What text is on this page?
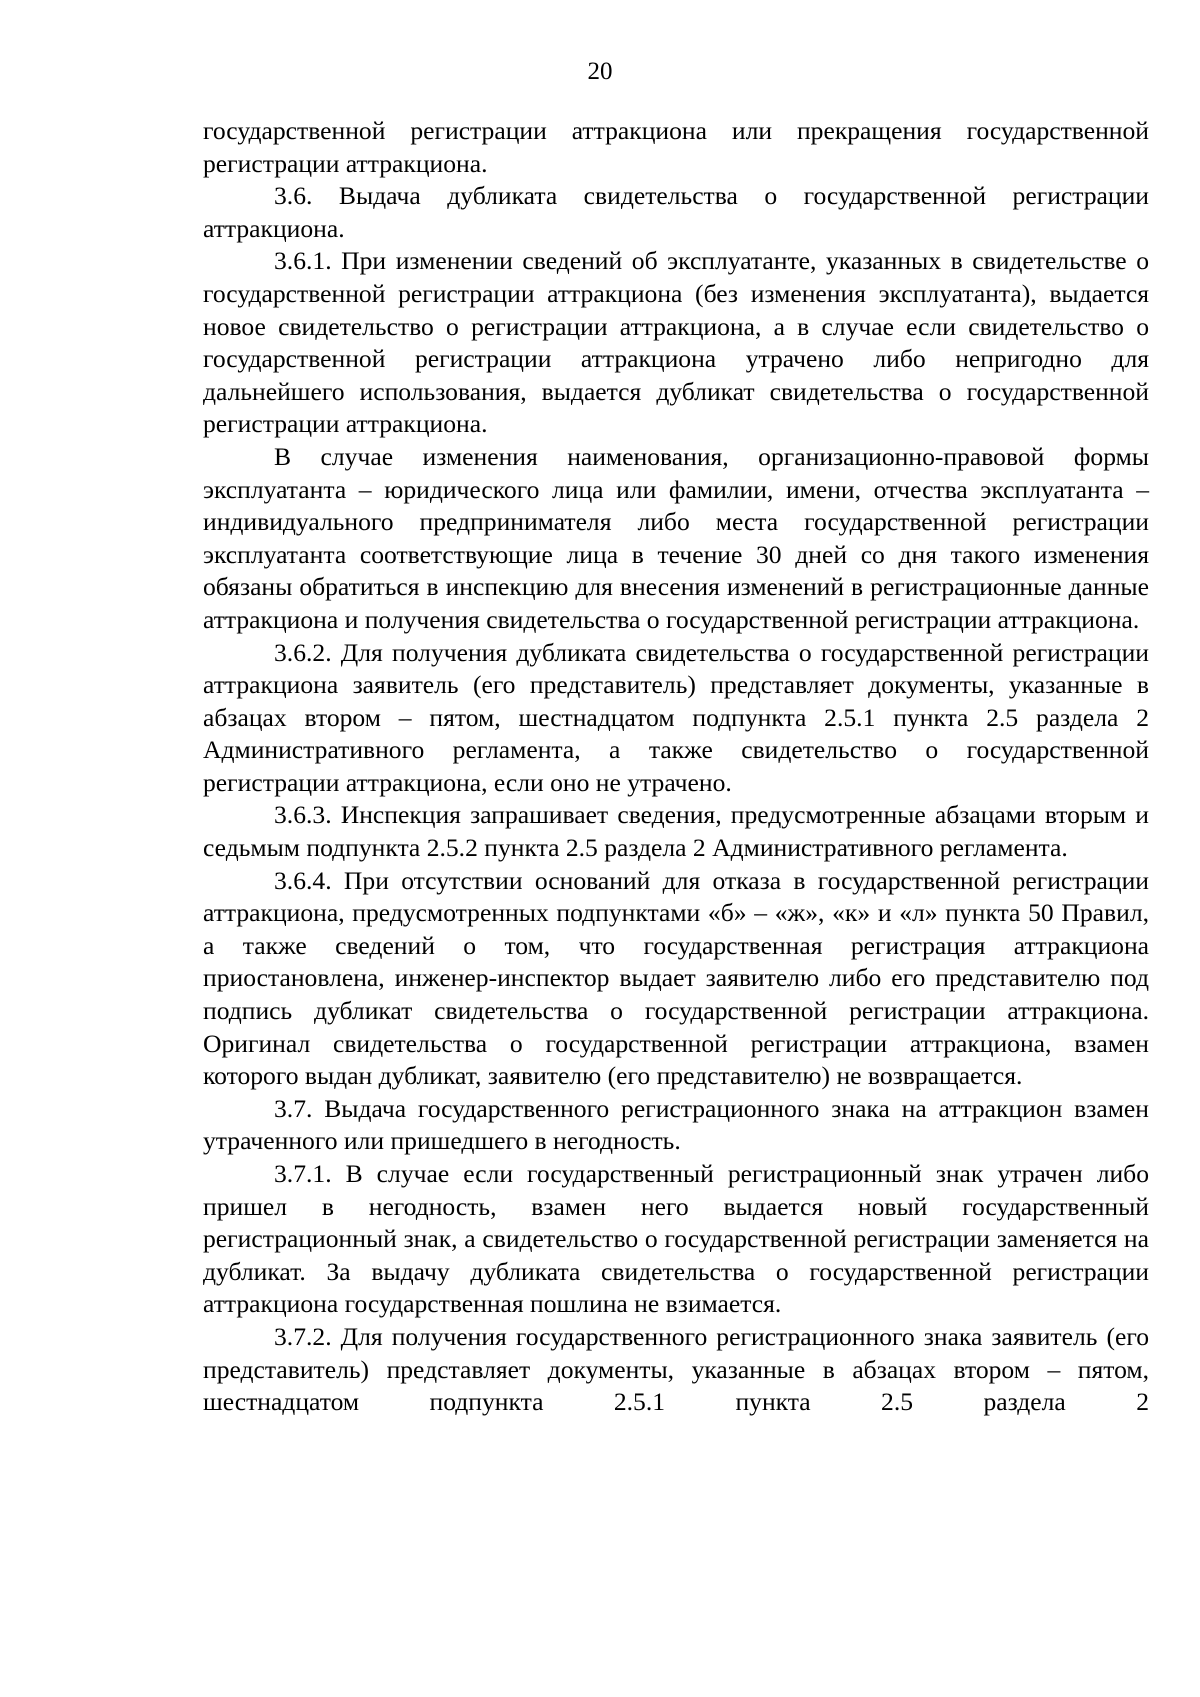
20

государственной регистрации аттракциона или прекращения государственной регистрации аттракциона.

3.6. Выдача дубликата свидетельства о государственной регистрации аттракциона.

3.6.1. При изменении сведений об эксплуатанте, указанных в свидетельстве о государственной регистрации аттракциона (без изменения эксплуатанта), выдается новое свидетельство о регистрации аттракциона, а в случае если свидетельство о государственной регистрации аттракциона утрачено либо непригодно для дальнейшего использования, выдается дубликат свидетельства о государственной регистрации аттракциона.

В случае изменения наименования, организационно-правовой формы эксплуатанта – юридического лица или фамилии, имени, отчества эксплуатанта – индивидуального предпринимателя либо места государственной регистрации эксплуатанта соответствующие лица в течение 30 дней со дня такого изменения обязаны обратиться в инспекцию для внесения изменений в регистрационные данные аттракциона и получения свидетельства о государственной регистрации аттракциона.

3.6.2. Для получения дубликата свидетельства о государственной регистрации аттракциона заявитель (его представитель) представляет документы, указанные в абзацах втором – пятом, шестнадцатом подпункта 2.5.1 пункта 2.5 раздела 2 Административного регламента, а также свидетельство о государственной регистрации аттракциона, если оно не утрачено.

3.6.3. Инспекция запрашивает сведения, предусмотренные абзацами вторым и седьмым подпункта 2.5.2 пункта 2.5 раздела 2 Административного регламента.

3.6.4. При отсутствии оснований для отказа в государственной регистрации аттракциона, предусмотренных подпунктами «б» – «ж», «к» и «л» пункта 50 Правил, а также сведений о том, что государственная регистрация аттракциона приостановлена, инженер-инспектор выдает заявителю либо его представителю под подпись дубликат свидетельства о государственной регистрации аттракциона. Оригинал свидетельства о государственной регистрации аттракциона, взамен которого выдан дубликат, заявителю (его представителю) не возвращается.

3.7. Выдача государственного регистрационного знака на аттракцион взамен утраченного или пришедшего в негодность.

3.7.1. В случае если государственный регистрационный знак утрачен либо пришел в негодность, взамен него выдается новый государственный регистрационный знак, а свидетельство о государственной регистрации заменяется на дубликат. За выдачу дубликата свидетельства о государственной регистрации аттракциона государственная пошлина не взимается.

3.7.2. Для получения государственного регистрационного знака заявитель (его представитель) представляет документы, указанные в абзацах втором – пятом, шестнадцатом подпункта 2.5.1 пункта 2.5 раздела 2
